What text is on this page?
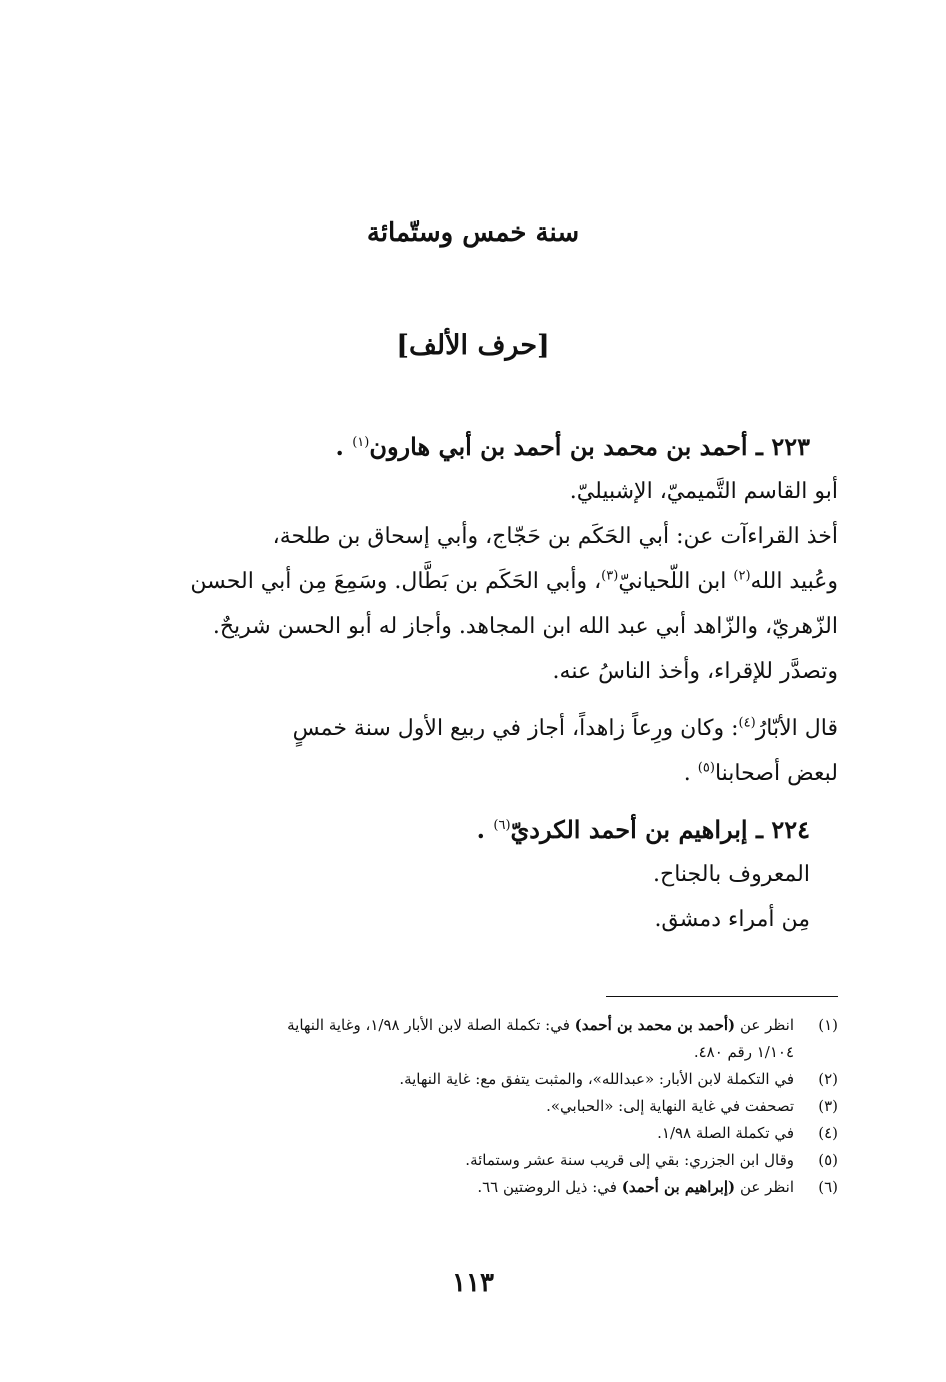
سنة خمس وستّمائة
[حرف الألف]
٢٢٣ ـ أحمد بن محمد بن أحمد بن أبي هارون$^{(١)}$ .
أبو القاسم التَّميميّ، الإشبيليّ.
أخذ القراءآت عن: أبي الحَكَم بن حَجّاج، وأبي إسحاق بن طلحة،
وعُبيد الله$^{(٢)}$ ابن اللّحيانيّ$^{(٣)}$، وأبي الحَكَم بن بَطَّال. وسَمِعَ مِن أبي الحسن
الزّهريّ، والزّاهد أبي عبد الله ابن المجاهد. وأجاز له أبو الحسن شريحٌ.
وتصدَّر للإقراء، وأخذ الناسُ عنه.
قال الأبّارُ$^{(٤)}$: وكان ورِعاً زاهداً، أجاز في ربيع الأول سنة خمسٍ
لبعض أصحابنا$^{(٥)}$ .
٢٢٤ ـ إبراهيم بن أحمد الكرديّ$^{(٦)}$ .
المعروف بالجناح.
مِن أمراء دمشق.
(١)
انظر عن (أحمد بن محمد بن أحمد) في: تكملة الصلة لابن الأبار ١/٩٨، وغاية النهاية
١/١٠٤ رقم ٤٨٠.
(٢)
في التكملة لابن الأبار: «عبدالله»، والمثبت يتفق مع: غاية النهاية.
(٣)
تصحفت في غاية النهاية إلى: «الحبابي».
(٤)
في تكملة الصلة ١/٩٨.
(٥)
وقال ابن الجزري: بقي إلى قريب سنة عشر وستمائة.
(٦)
انظر عن (إبراهيم بن أحمد) في: ذيل الروضتين ٦٦.
١١٣
